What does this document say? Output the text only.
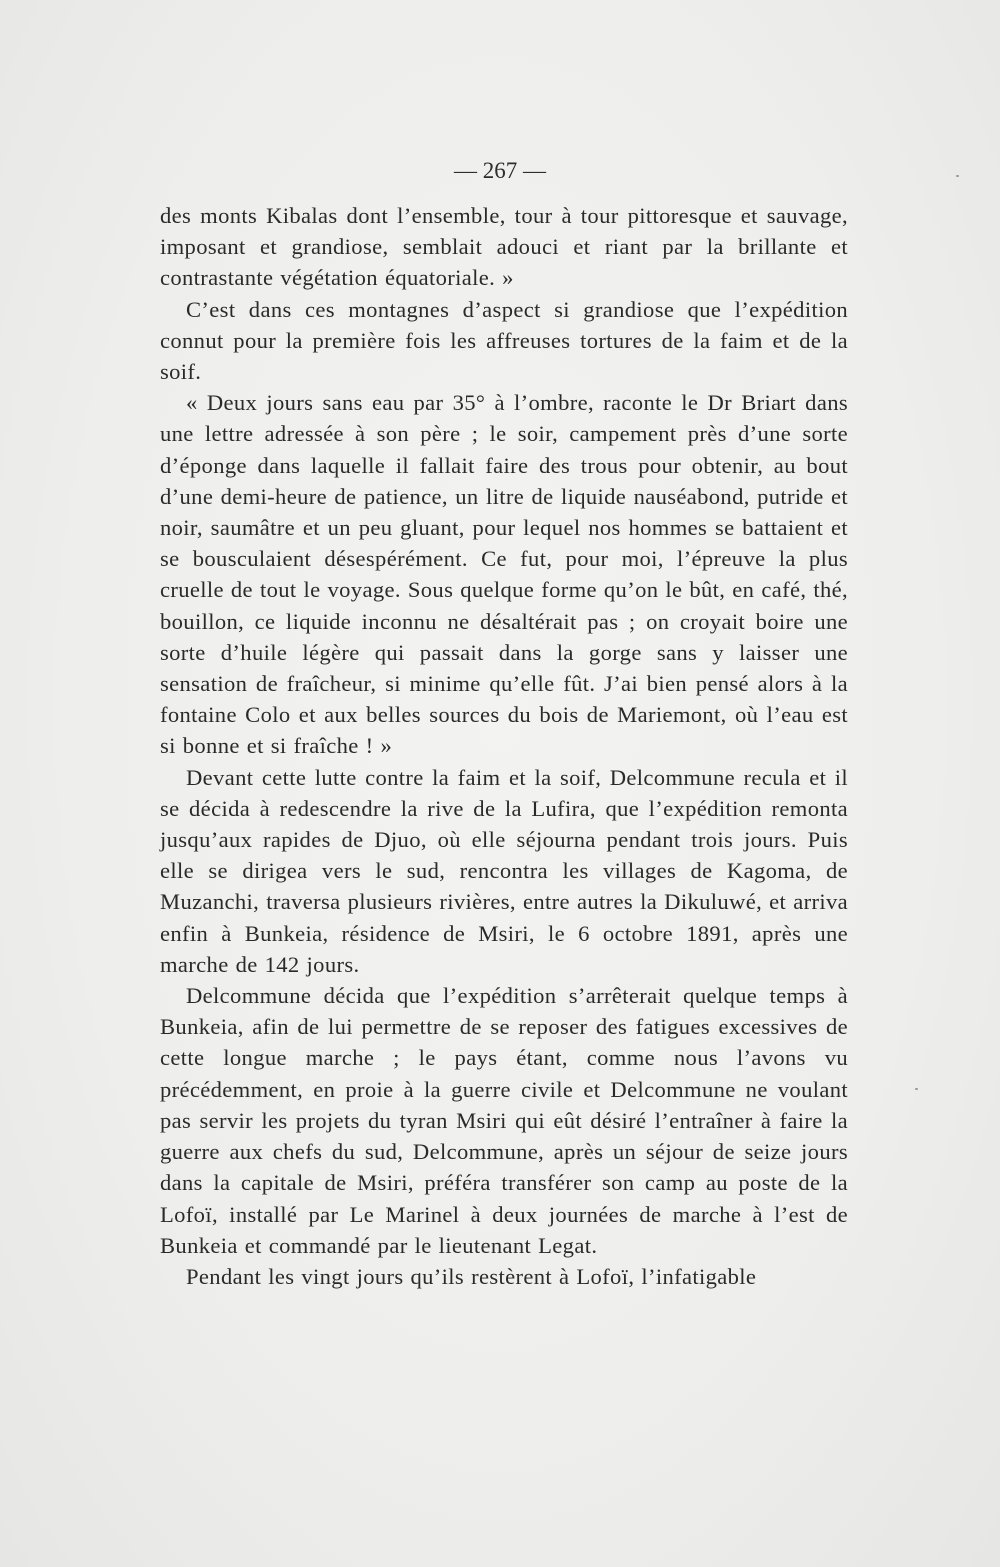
— 267 —

des monts Kibalas dont l’ensemble, tour à tour pittoresque et sauvage, imposant et grandiose, semblait adouci et riant par la brillante et contrastante végétation équatoriale. »

C’est dans ces montagnes d’aspect si grandiose que l’expédition connut pour la première fois les affreuses tortures de la faim et de la soif.

« Deux jours sans eau par 35° à l’ombre, raconte le Dr Briart dans une lettre adressée à son père ; le soir, campement près d’une sorte d’éponge dans laquelle il fallait faire des trous pour obtenir, au bout d’une demi-heure de patience, un litre de liquide nauséabond, putride et noir, saumâtre et un peu gluant, pour lequel nos hommes se battaient et se bousculaient désespérément. Ce fut, pour moi, l’épreuve la plus cruelle de tout le voyage. Sous quelque forme qu’on le bût, en café, thé, bouillon, ce liquide inconnu ne désaltérait pas ; on croyait boire une sorte d’huile légère qui passait dans la gorge sans y laisser une sensation de fraîcheur, si minime qu’elle fût. J’ai bien pensé alors à la fontaine Colo et aux belles sources du bois de Mariemont, où l’eau est si bonne et si fraîche ! »

Devant cette lutte contre la faim et la soif, Delcommune recula et il se décida à redescendre la rive de la Lufira, que l’expédition remonta jusqu’aux rapides de Djuo, où elle séjourna pendant trois jours. Puis elle se dirigea vers le sud, rencontra les villages de Kagoma, de Muzanchi, traversa plusieurs rivières, entre autres la Dikuluwé, et arriva enfin à Bunkeia, résidence de Msiri, le 6 octobre 1891, après une marche de 142 jours.

Delcommune décida que l’expédition s’arrêterait quelque temps à Bunkeia, afin de lui permettre de se reposer des fatigues excessives de cette longue marche ; le pays étant, comme nous l’avons vu précédemment, en proie à la guerre civile et Delcommune ne voulant pas servir les projets du tyran Msiri qui eût désiré l’entraîner à faire la guerre aux chefs du sud, Delcommune, après un séjour de seize jours dans la capitale de Msiri, préféra transférer son camp au poste de la Lofoï, installé par Le Marinel à deux journées de marche à l’est de Bunkeia et commandé par le lieutenant Legat.

Pendant les vingt jours qu’ils restèrent à Lofoï, l’infatigable
